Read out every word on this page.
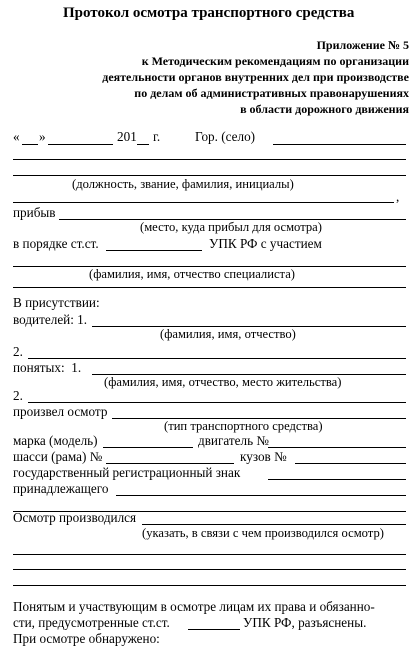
Протокол осмотра транспортного средства
Приложение № 5
к Методическим рекомендациям по организации
деятельности органов внутренних дел при производстве
по делам об административных правонарушениях
в области дорожного движения
« »	201 г.	Гор. (село)
(должность, звание, фамилия, инициалы)
,
прибыв
(место, куда прибыл для осмотра)
в порядке ст.ст.	УПК РФ с участием
(фамилия, имя, отчество специалиста)
В присутствии:
водителей: 1.
(фамилия, имя, отчество)
2.
понятых:  1.
(фамилия, имя, отчество, место жительства)
2.
произвел осмотр
(тип транспортного средства)
марка (модель)	двигатель №
шасси (рама) №	кузов №
государственный регистрационный знак
принадлежащего
Осмотр производился
(указать, в связи с чем производился осмотр)
Понятым и участвующим в осмотре лицам их права и обязанно-
сти, предусмотренные ст.ст.	УПК РФ, разъяснены.
При осмотре обнаружено:
